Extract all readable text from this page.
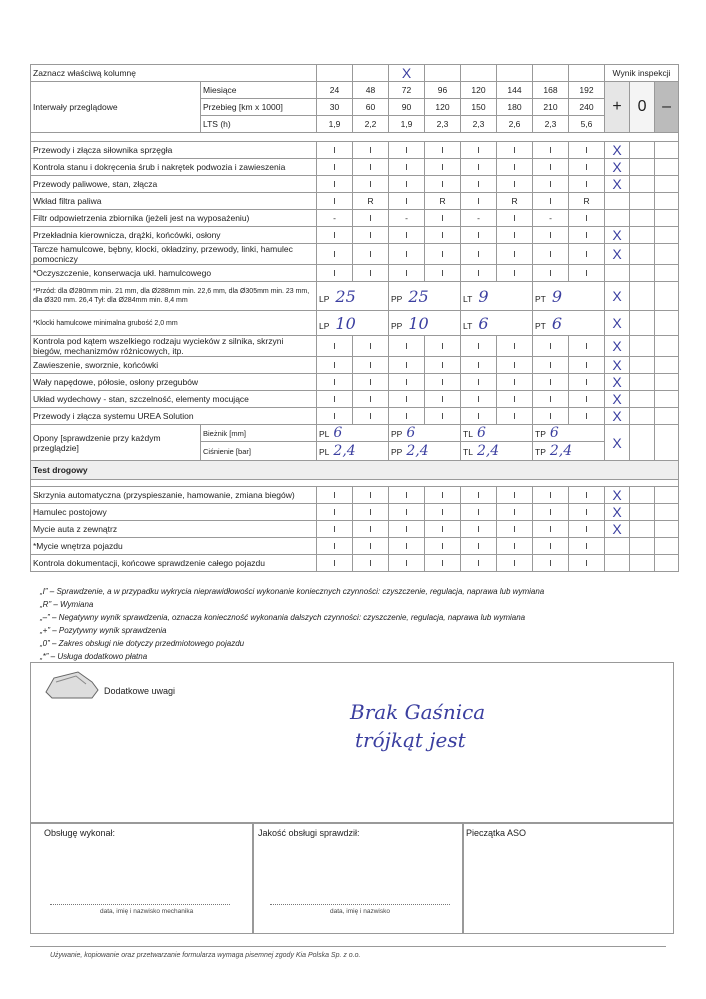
Zaznacz właściwą kolumnę				X						Wynik inspekcji		
Interwały przeglądowe	Miesiące	24	48	72	96	120	144	168	192	+	0	–
	Przebieg [km x 1000]	30	60	90	120	150	180	210	240			
	LTS (h)	1,9	2,2	1,9	2,3	2,3	2,6	2,3	5,6			

Przewody i złącza siłownika sprzęgła		I	I	I	I	I	I	I	I	X		
Kontrola stanu i dokręcenia śrub i nakrętek podwozia i zawieszenia		I	I	I	I	I	I	I	I	X		
Przewody paliwowe, stan, złącza		I	I	I	I	I	I	I	I	X		
Wkład filtra paliwa		I	R	I	R	I	R	I	R			
Filtr odpowietrzenia zbiornika (jeżeli jest na wyposażeniu)		-	I	-	I	-	I	-	I			
Przekładnia kierownicza, drążki, końcówki, osłony		I	I	I	I	I	I	I	I	X		
Tarcze hamulcowe, bębny, klocki, okładziny, przewody, linki, hamulec pomocniczy		I	I	I	I	I	I	I	I	X		
*Oczyszczenie, konserwacja ukł. hamulcowego		I	I	I	I	I	I	I	I			
*Przód: dla Ø280mm min. 21 mm, dla Ø288mm min. 22,6 mm, dla Ø305mm min. 23 mm, dla Ø320 mm. 26,4 Tył: dla Ø284mm min. 8,4 mm		LP 25		PP 25		LT 9		PT 9		X		
*Klocki hamulcowe minimalna grubość 2,0 mm		LP 10		PP 10		LT 6		PT 6		X		
Kontrola pod kątem wszelkiego rodzaju wycieków z silnika, skrzyni biegów, mechanizmów różnicowych, itp.		I	I	I	I	I	I	I	I	X		
Zawieszenie, sworznie, końcówki		I	I	I	I	I	I	I	I	X		
Wały napędowe, półosie, osłony przegubów		I	I	I	I	I	I	I	I	X		
Układ wydechowy - stan, szczelność, elementy mocujące		I	I	I	I	I	I	I	I	X		
Przewody i złącza systemu UREA Solution		I	I	I	I	I	I	I	I	X		
Opony [sprawdzenie przy każdym przeglądzie]	Bieżnik [mm]	PL 6		PP 6		TL 6		TP 6		X		
	Ciśnienie [bar]	PL 2,4		PP 2,4		TL 2,4		TP 2,4				
Test drogowy												

Skrzynia automatyczna (przyspieszanie, hamowanie, zmiana biegów)		I	I	I	I	I	I	I	I	X		
Hamulec postojowy		I	I	I	I	I	I	I	I	X		
Mycie auta z zewnątrz		I	I	I	I	I	I	I	I	X		
*Mycie wnętrza pojazdu		I	I	I	I	I	I	I	I			
Kontrola dokumentacji, końcowe sprawdzenie całego pojazdu		I	I	I	I	I	I	I	I			
„I” – Sprawdzenie, a w przypadku wykrycia nieprawidłowości wykonanie koniecznych czynności: czyszczenie, regulacja, naprawa lub wymiana
„R” – Wymiana
„–” – Negatywny wynik sprawdzenia, oznacza konieczność wykonania dalszych czynności: czyszczenie, regulacja, naprawa lub wymiana
„+” – Pozytywny wynik sprawdzenia
„0” – Zakres obsługi nie dotyczy przedmiotowego pojazdu
„*” – Usługa dodatkowo płatna
Dodatkowe uwagi
Brak Gaśnica
trójkąt jest
Obsługę wykonał:	Jakość obsługi sprawdził:	Pieczątka ASO
data, imię i nazwisko mechanika	data, imię i nazwisko
Używanie, kopiowanie oraz przetwarzanie formularza wymaga pisemnej zgody Kia Polska Sp. z o.o.
